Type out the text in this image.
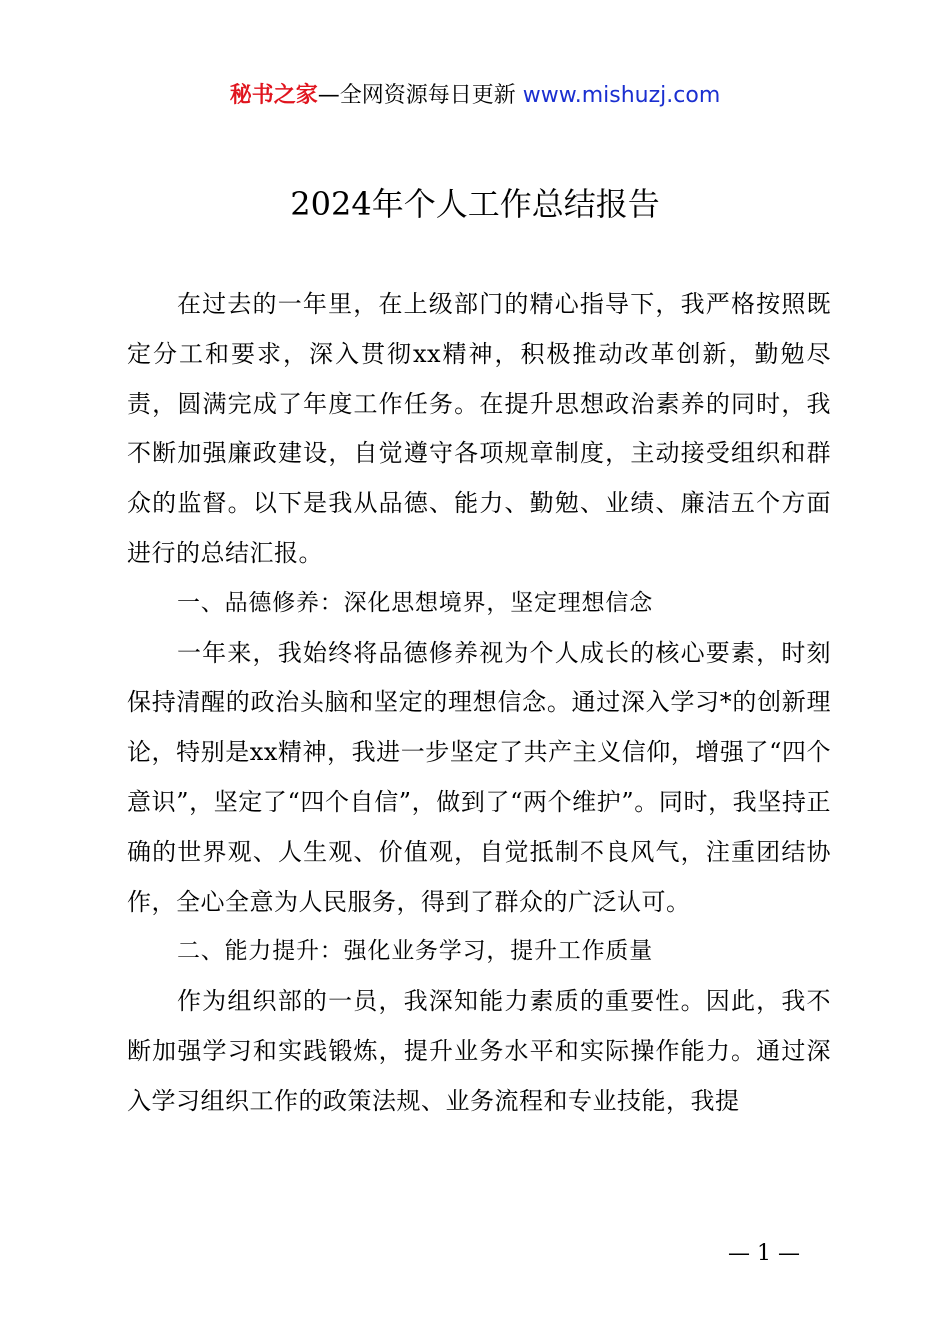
秘书之家—全网资源每日更新 www.mishuzj.com
2024年个人工作总结报告

在过去的一年里，在上级部门的精心指导下，我严格按照既定分工和要求，深入贯彻xx精神，积极推动改革创新，勤勉尽责，圆满完成了年度工作任务。在提升思想政治素养的同时，我不断加强廉政建设，自觉遵守各项规章制度，主动接受组织和群众的监督。以下是我从品德、能力、勤勉、业绩、廉洁五个方面进行的总结汇报。

一、品德修养：深化思想境界，坚定理想信念

一年来，我始终将品德修养视为个人成长的核心要素，时刻保持清醒的政治头脑和坚定的理想信念。通过深入学习*的创新理论，特别是xx精神，我进一步坚定了共产主义信仰，增强了“四个意识”，坚定了“四个自信”，做到了“两个维护”。同时，我坚持正确的世界观、人生观、价值观，自觉抵制不良风气，注重团结协作，全心全意为人民服务，得到了群众的广泛认可。

二、能力提升：强化业务学习，提升工作质量

作为组织部的一员，我深知能力素质的重要性。因此，我不断加强学习和实践锻炼，提升业务水平和实际操作能力。通过深入学习组织工作的政策法规、业务流程和专业技能，我提

— 1 —
